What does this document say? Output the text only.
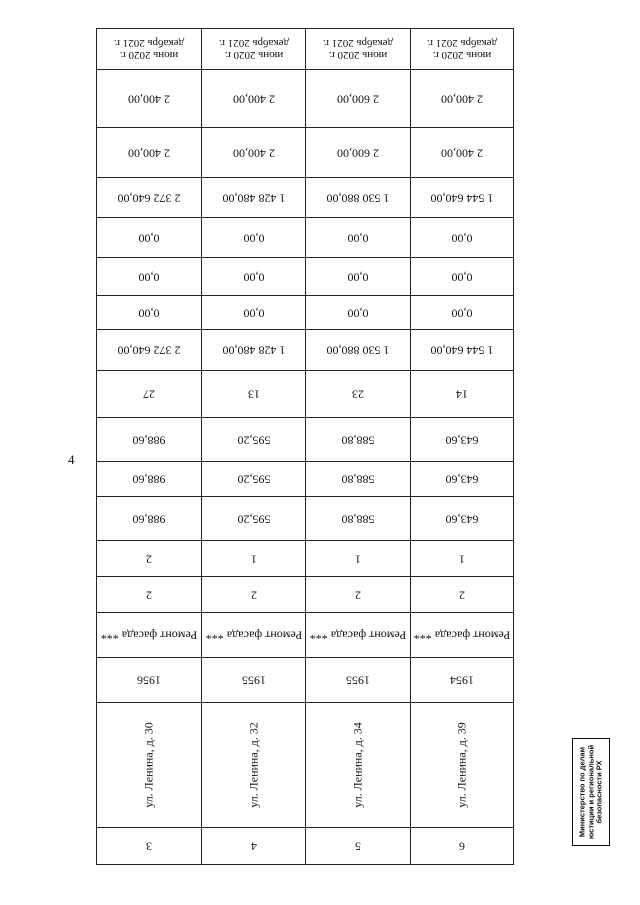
4
июнь 2020 г. декабрь 2021 г.
2 400,00
2 400,00
2 372 640,00
0,00
0,00
0,00
2 372 640,00
27
988,60
988,60
988,60
2
2
Ремонт фасада ***
1956
ул. Ленина, д. 30
3
июнь 2020 г. декабрь 2021 г.
2 400,00
2 400,00
1 428 480,00
0,00
0,00
0,00
1 428 480,00
13
595,20
595,20
595,20
1
2
Ремонт фасада ***
1955
ул. Ленина, д. 32
4
июнь 2020 г. декабрь 2021 г.
2 600,00
2 600,00
1 530 880,00
0,00
0,00
0,00
1 530 880,00
23
588,80
588,80
588,80
1
2
Ремонт фасада ***
1955
ул. Ленина, д. 34
5
июнь 2020 г. декабрь 2021 г.
2 400,00
2 400,00
1 544 640,00
0,00
0,00
0,00
1 544 640,00
14
643,60
643,60
643,60
1
2
Ремонт фасада ***
1954
ул. Ленина, д. 39
6
Министерство по делам юстиции и региональной безопасности РХ
